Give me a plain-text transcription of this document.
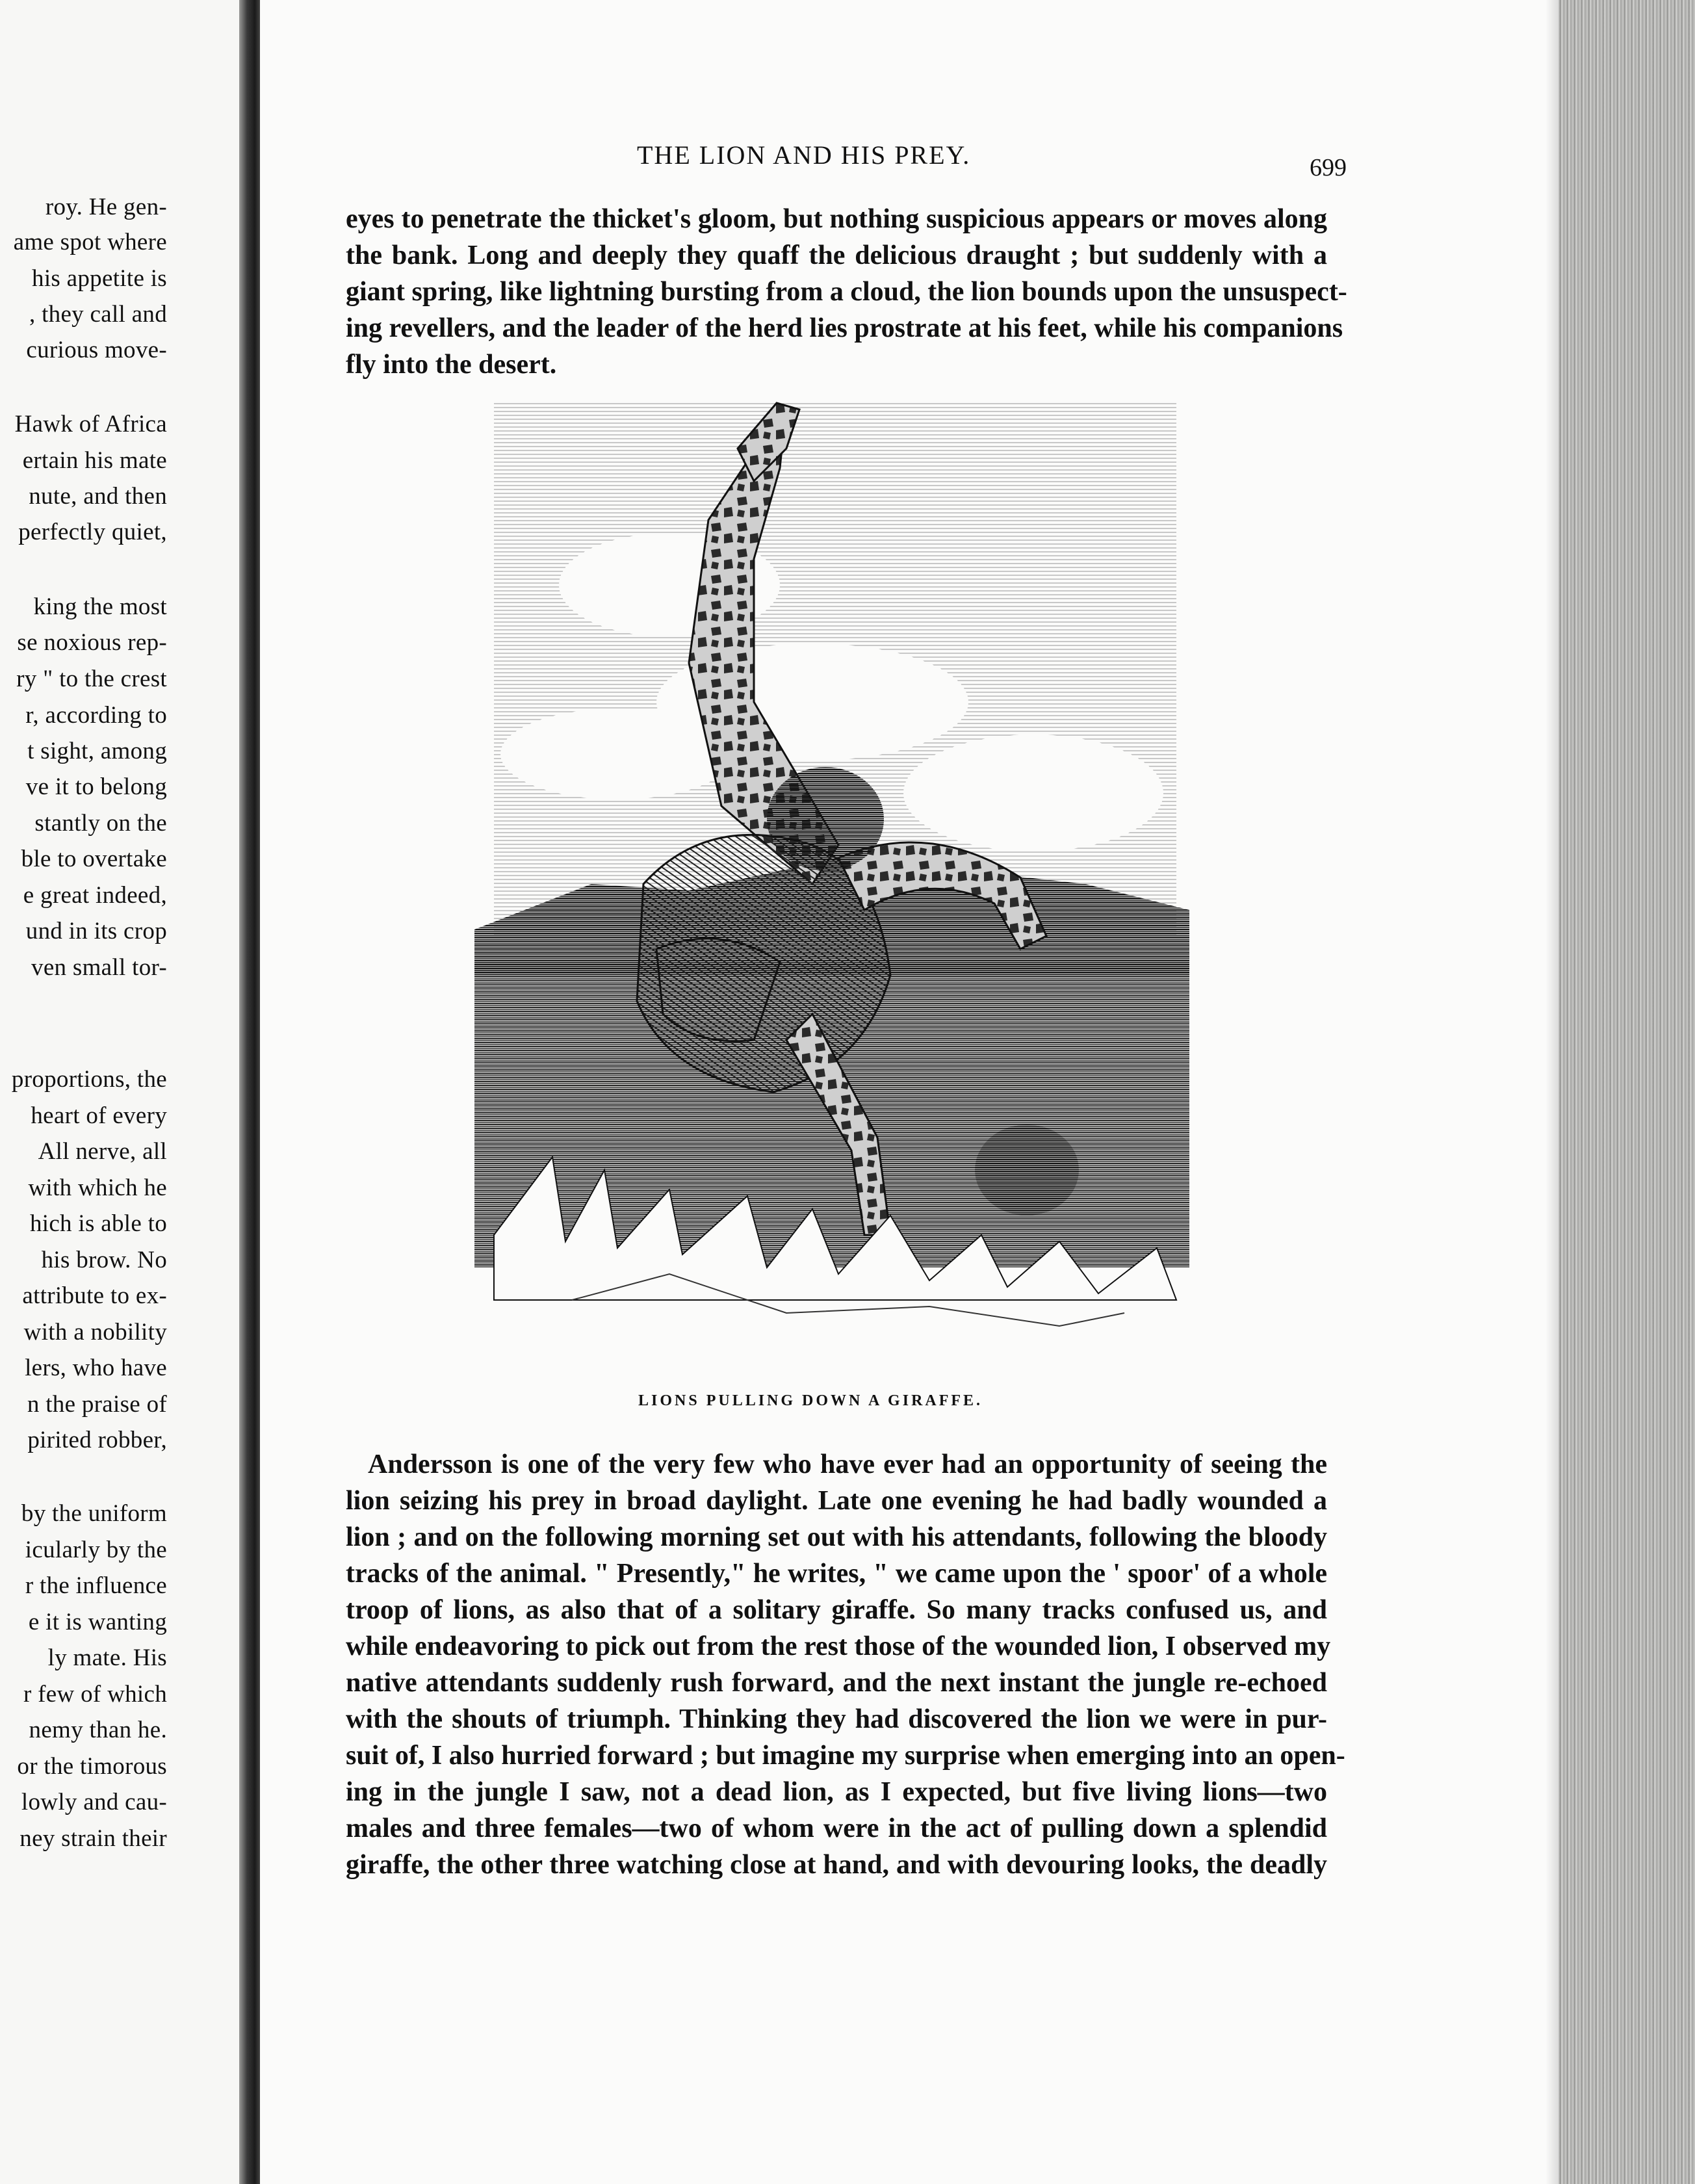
roy. He gen-
ame spot where
his appetite is
, they call and
curious move-
Hawk of Africa
ertain his mate
nute, and then
perfectly quiet,
king the most
se noxious rep-
ry " to the crest
r, according to
t sight, among
ve it to belong
stantly on the
ble to overtake
e great indeed,
und in its crop
ven small tor-
proportions, the
heart of every
All nerve, all
with which he
hich is able to
his brow. No
attribute to ex-
with a nobility
lers, who have
n the praise of
pirited robber,
by the uniform
icularly by the
r the influence
e it is wanting
ly mate. His
r few of which
nemy than he.
or the timorous
lowly and cau-
ney strain their
THE LION AND HIS PREY.	699
eyes to penetrate the thicket's gloom, but nothing suspicious appears or moves along
the bank. Long and deeply they quaff the delicious draught ; but suddenly with a
giant spring, like lightning bursting from a cloud, the lion bounds upon the unsuspect-
ing revellers, and the leader of the herd lies prostrate at his feet, while his companions
fly into the desert.
LIONS PULLING DOWN A GIRAFFE.
Andersson is one of the very few who have ever had an opportunity of seeing the
lion seizing his prey in broad daylight. Late one evening he had badly wounded a
lion ; and on the following morning set out with his attendants, following the bloody
tracks of the animal. " Presently," he writes, " we came upon the ' spoor' of a whole
troop of lions, as also that of a solitary giraffe. So many tracks confused us, and
while endeavoring to pick out from the rest those of the wounded lion, I observed my
native attendants suddenly rush forward, and the next instant the jungle re-echoed
with the shouts of triumph. Thinking they had discovered the lion we were in pur-
suit of, I also hurried forward ; but imagine my surprise when emerging into an open-
ing in the jungle I saw, not a dead lion, as I expected, but five living lions—two
males and three females—two of whom were in the act of pulling down a splendid
giraffe, the other three watching close at hand, and with devouring looks, the deadly
